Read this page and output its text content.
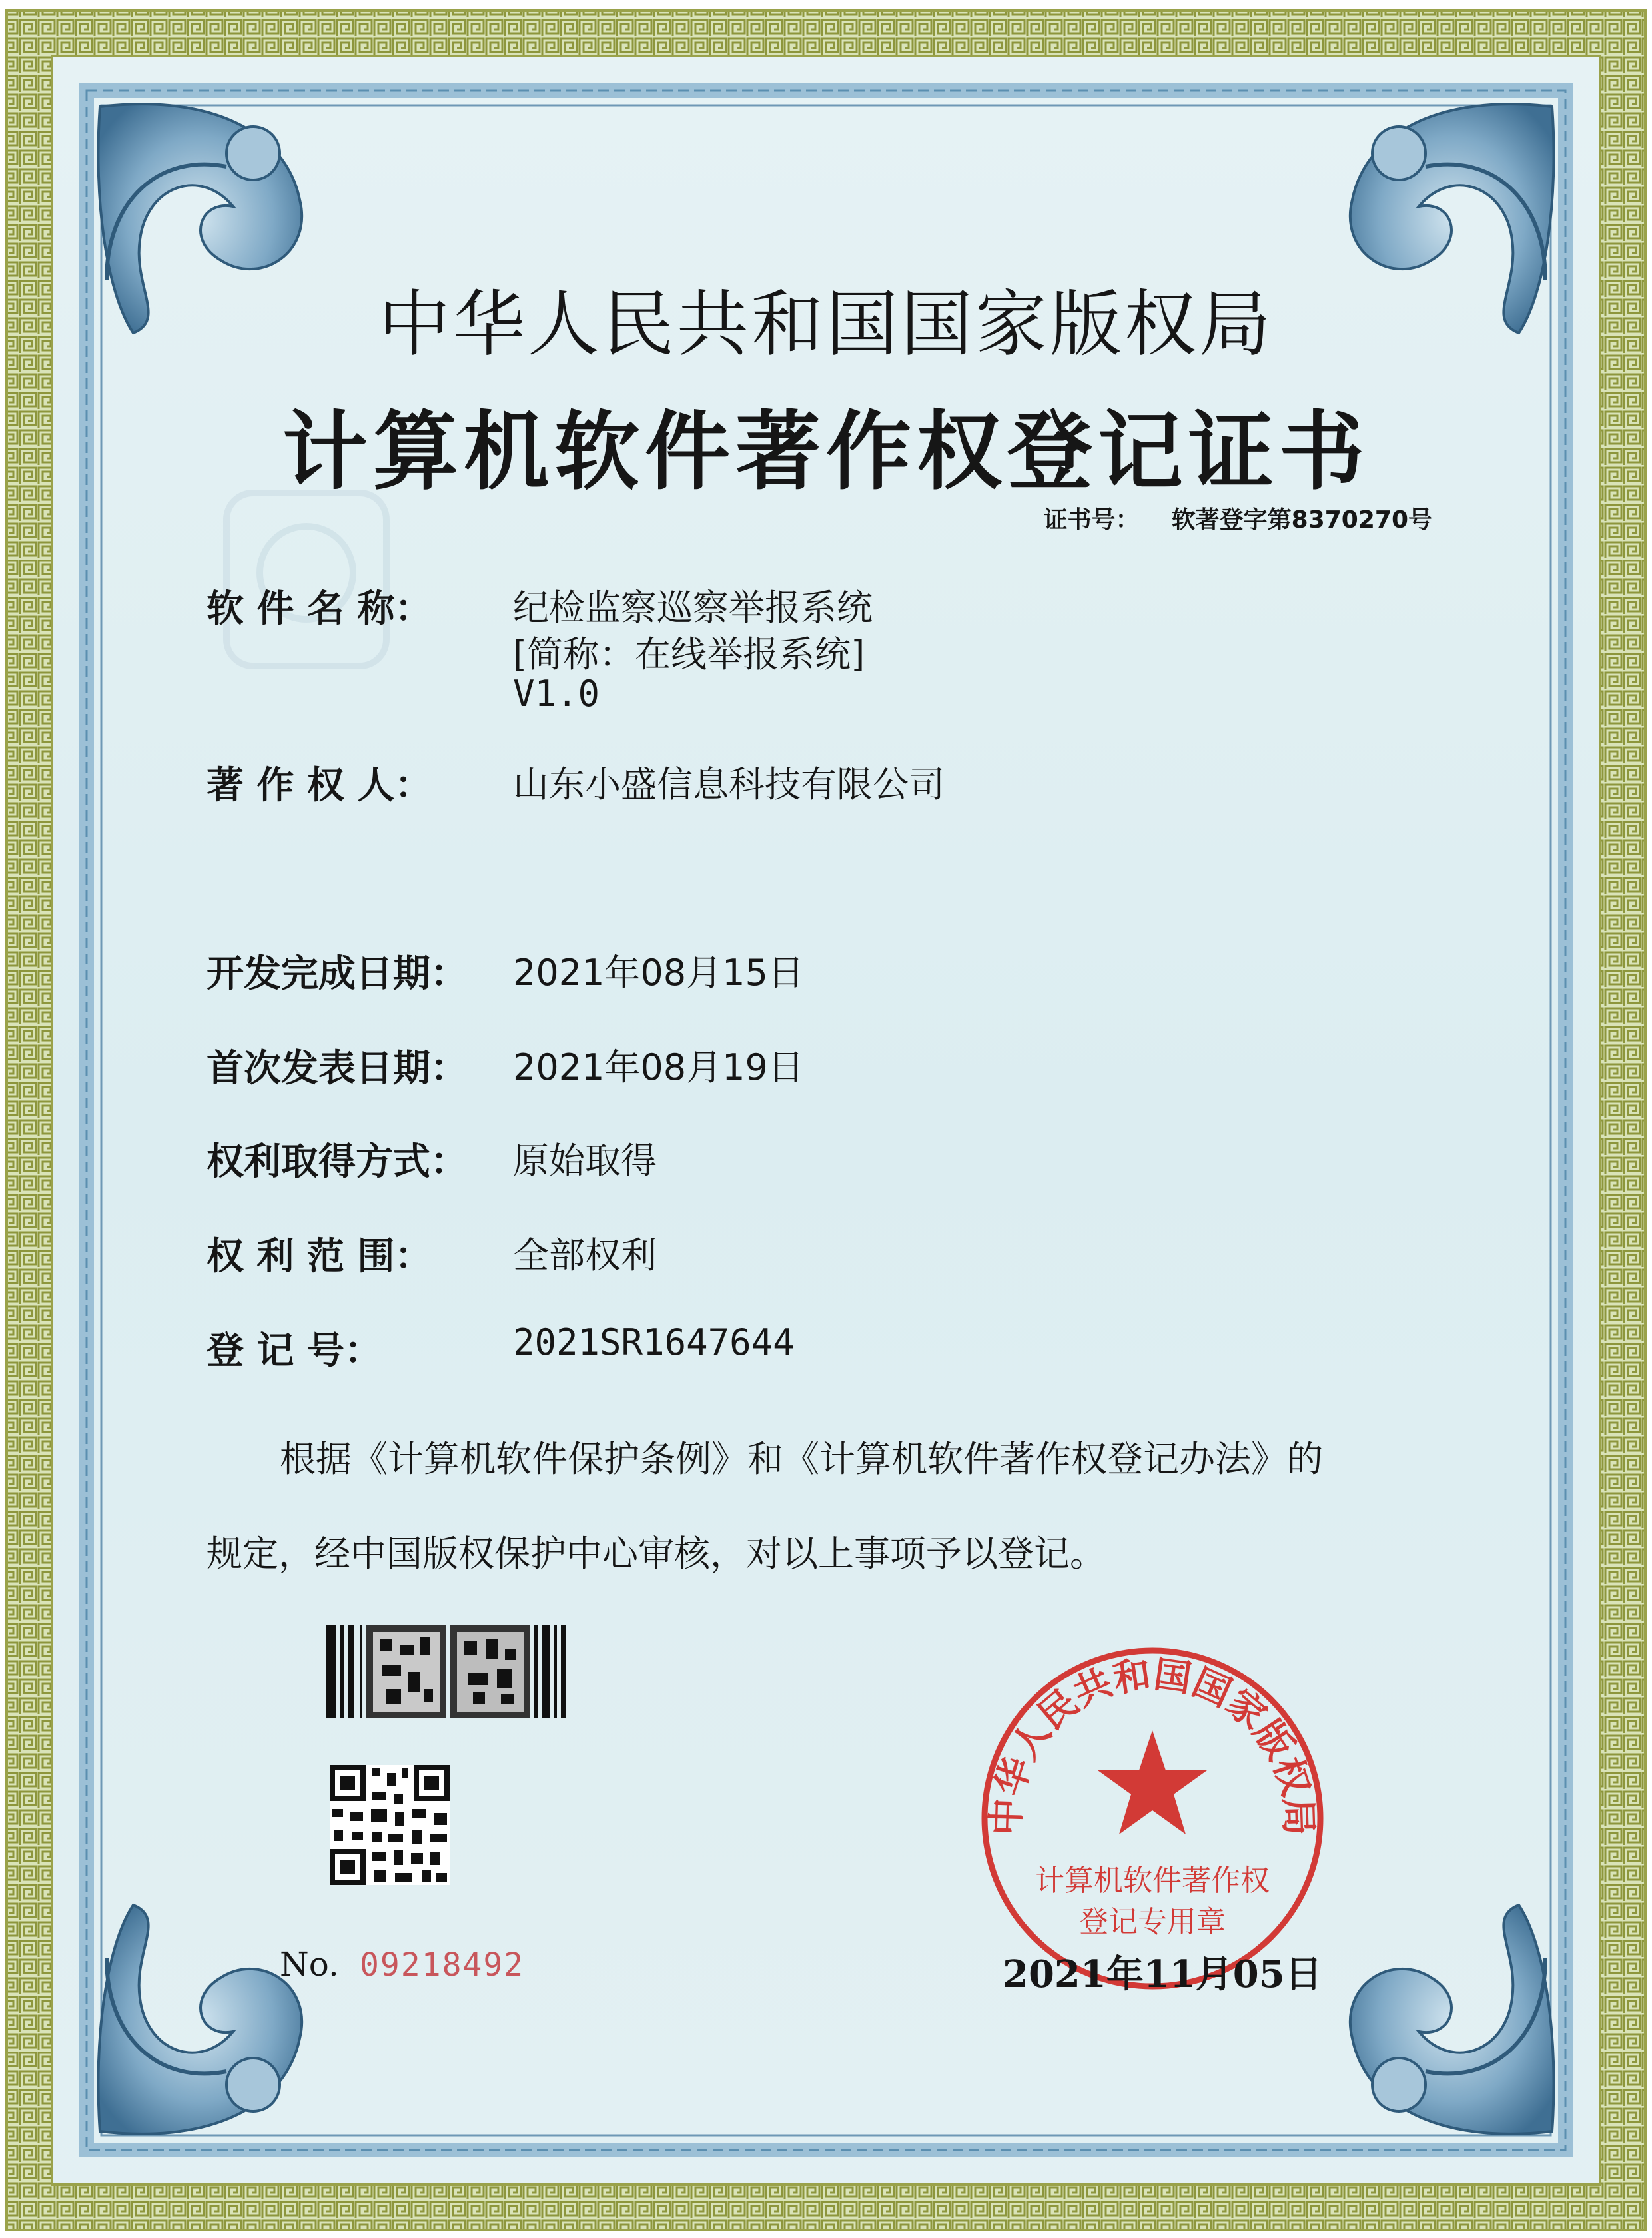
中华人民共和国国家版权局
计算机软件著作权登记证书
证书号： 软著登字第8370270号
软 件 名 称： 纪检监察巡察举报系统
[简称：在线举报系统]
V1.0
著 作 权 人： 山东小盛信息科技有限公司
开发完成日期： 2021年08月15日
首次发表日期： 2021年08月19日
权利取得方式： 原始取得
权 利 范 围： 全部权利
登 记 号：	2021SR1647644
根据《计算机软件保护条例》和《计算机软件著作权登记办法》的
规定，经中国版权保护中心审核，对以上事项予以登记。
中华人民共和国国家版权局
计算机软件著作权
登记专用章
No. 09218492	2021年11月05日
